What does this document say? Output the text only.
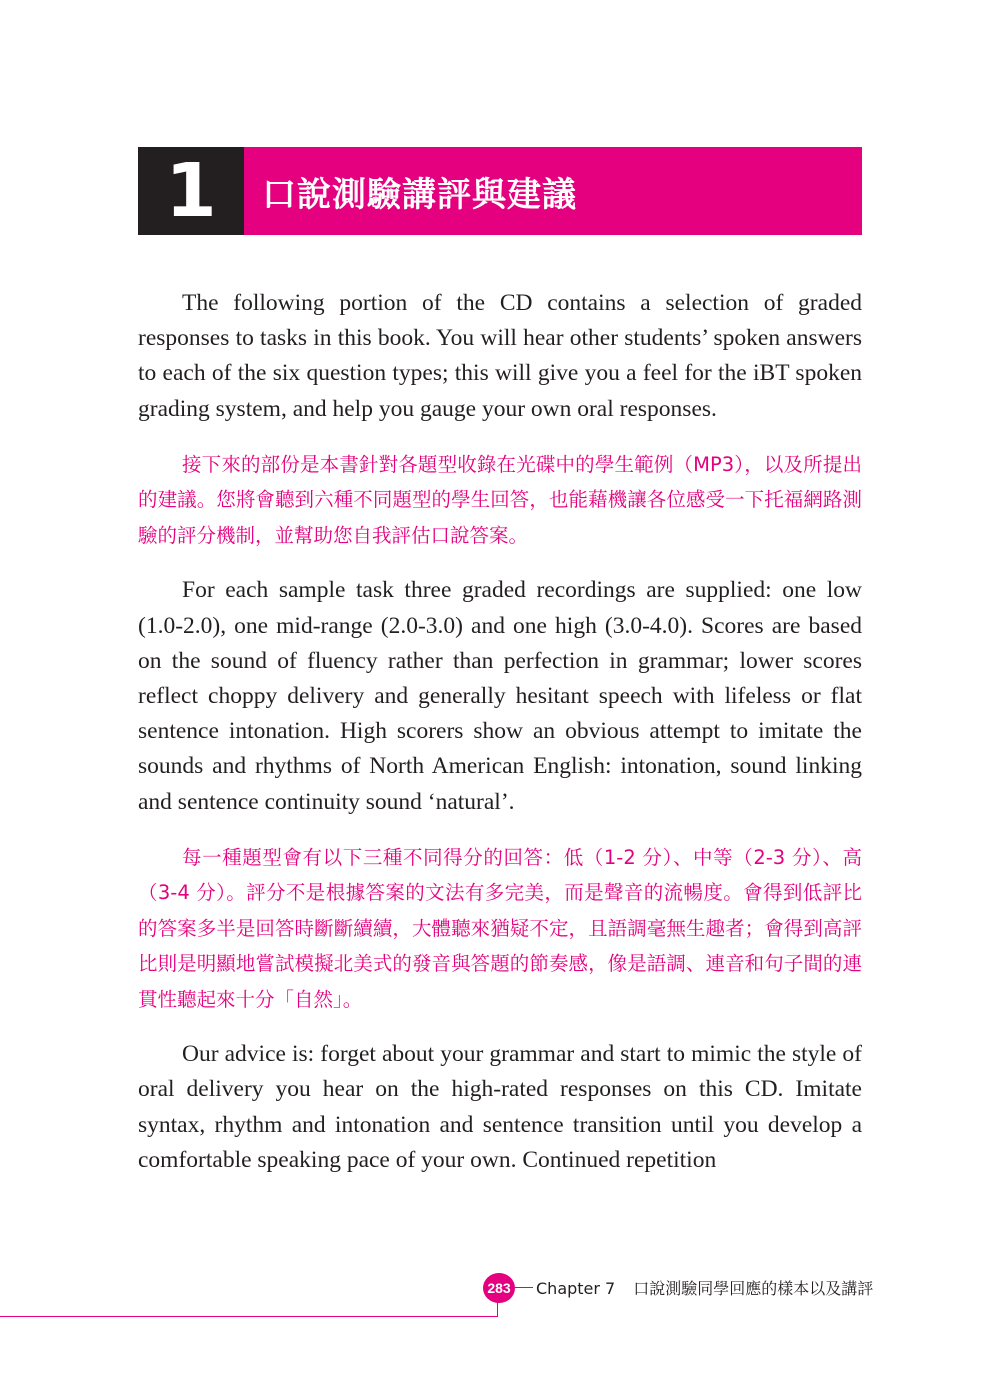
1	口說測驗講評與建議

The following portion of the CD contains a selection of graded responses to tasks in this book. You will hear other students’ spoken answers to each of the six question types; this will give you a feel for the iBT spoken grading system, and help you gauge your own oral responses.

接下來的部份是本書針對各題型收錄在光碟中的學生範例（MP3），以及所提出的建議。您將會聽到六種不同題型的學生回答，也能藉機讓各位感受一下托福網路測驗的評分機制，並幫助您自我評估口說答案。

For each sample task three graded recordings are supplied: one low (1.0-2.0), one mid-range (2.0-3.0) and one high (3.0-4.0). Scores are based on the sound of fluency rather than perfection in grammar; lower scores reflect choppy delivery and generally hesitant speech with lifeless or flat sentence intonation. High scorers show an obvious attempt to imitate the sounds and rhythms of North American English: intonation, sound linking and sentence continuity sound ‘natural’.

每一種題型會有以下三種不同得分的回答：低（1-2 分）、中等（2-3 分）、高（3-4 分）。評分不是根據答案的文法有多完美，而是聲音的流暢度。會得到低評比的答案多半是回答時斷斷續續，大體聽來猶疑不定，且語調毫無生趣者；會得到高評比則是明顯地嘗試模擬北美式的發音與答題的節奏感，像是語調、連音和句子間的連貫性聽起來十分「自然」。

Our advice is: forget about your grammar and start to mimic the style of oral delivery you hear on the high-rated responses on this CD. Imitate syntax, rhythm and intonation and sentence transition until you develop a comfortable speaking pace of your own. Continued repetition

283 Chapter 7 口說測驗同學回應的樣本以及講評
